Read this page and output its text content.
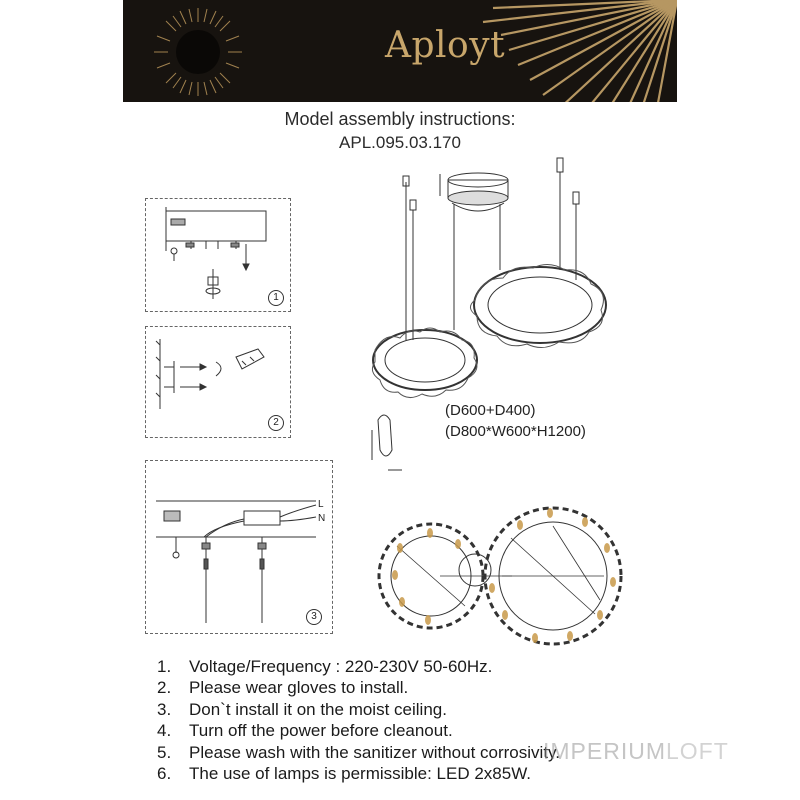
Aployt
Model assembly instructions:
APL.095.03.170
1
2
L
N
3
(D600+D400)
(D800*W600*H1200)
1. Voltage/Frequency : 220-230V 50-60Hz.
2. Please wear gloves to install.
3. Don`t install it on the moist ceiling.
4. Turn off the power before cleanout.
5. Please wash with the sanitizer without corrosivity.
6. The use of lamps is permissible: LED 2x85W.
IMPERIUMLOFT
